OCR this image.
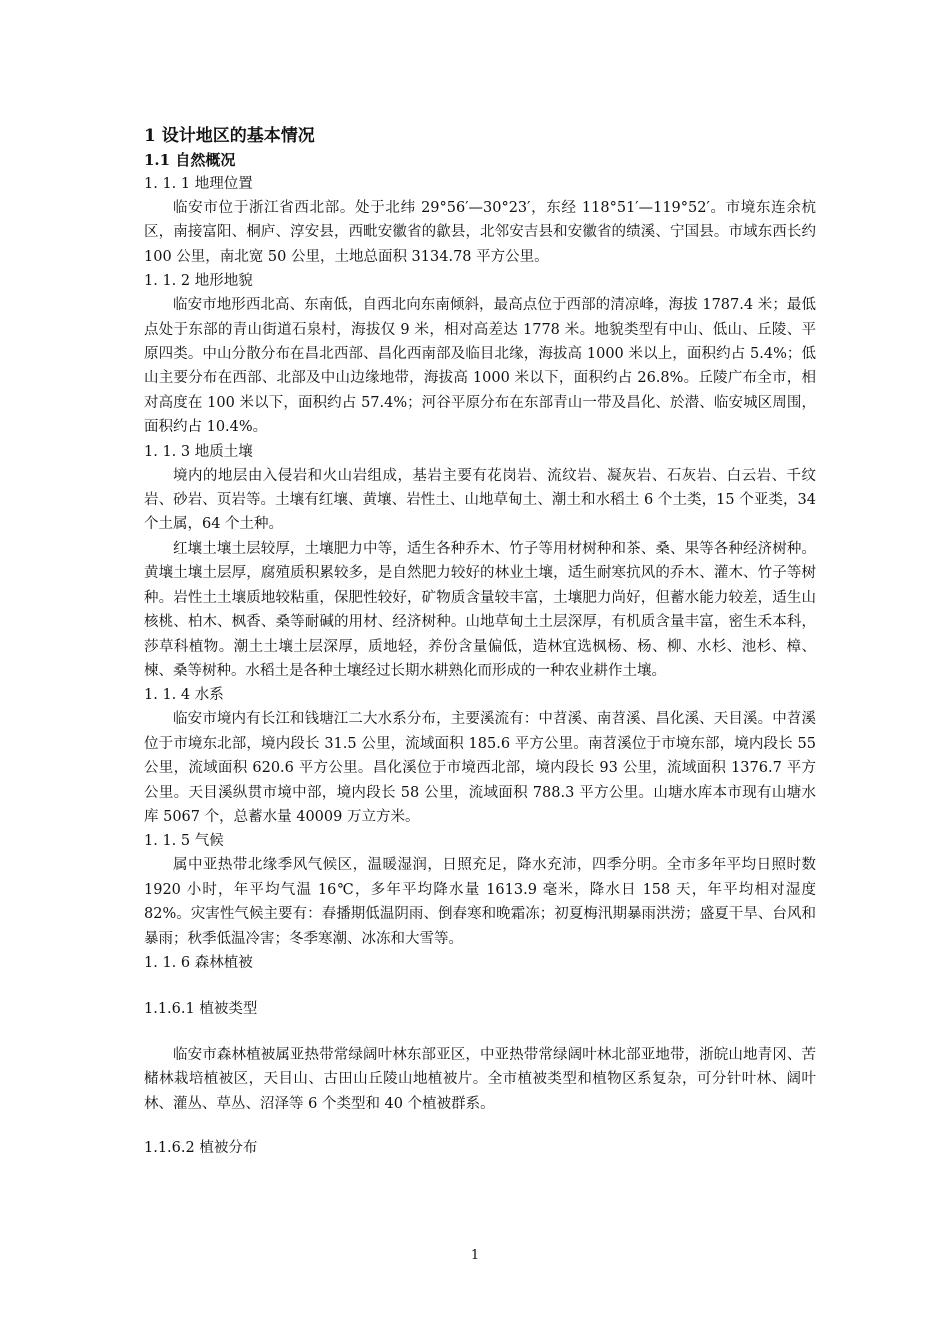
1 设计地区的基本情况

1.1 自然概况

1. 1. 1 地理位置

临安市位于浙江省西北部。处于北纬 29°56′—30°23′，东经 118°51′—119°52′。市境东连余杭区，南接富阳、桐庐、淳安县，西毗安徽省的歙县，北邻安吉县和安徽省的绩溪、宁国县。市域东西长约 100 公里，南北宽 50 公里，土地总面积 3134.78 平方公里。

1. 1. 2 地形地貌

临安市地形西北高、东南低，自西北向东南倾斜，最高点位于西部的清凉峰，海拔 1787.4 米；最低点处于东部的青山街道石泉村，海拔仅 9 米，相对高差达 1778 米。地貌类型有中山、低山、丘陵、平原四类。中山分散分布在昌北西部、昌化西南部及临目北缘，海拔高 1000 米以上，面积约占 5.4%；低山主要分布在西部、北部及中山边缘地带，海拔高 1000 米以下，面积约占 26.8%。丘陵广布全市，相对高度在 100 米以下，面积约占 57.4%；河谷平原分布在东部青山一带及昌化、於潜、临安城区周围，面积约占 10.4%。

1. 1. 3 地质土壤

境内的地层由入侵岩和火山岩组成，基岩主要有花岗岩、流纹岩、凝灰岩、石灰岩、白云岩、千纹岩、砂岩、页岩等。土壤有红壤、黄壤、岩性土、山地草甸土、潮土和水稻土 6 个土类，15 个亚类，34 个土属，64 个土种。

红壤土壤土层较厚，土壤肥力中等，适生各种乔木、竹子等用材树种和茶、桑、果等各种经济树种。黄壤土壤土层厚，腐殖质积累较多，是自然肥力较好的林业土壤，适生耐寒抗风的乔木、灌木、竹子等树种。岩性土土壤质地较粘重，保肥性较好，矿物质含量较丰富，土壤肥力尚好，但蓄水能力较差，适生山核桃、柏木、枫香、桑等耐碱的用材、经济树种。山地草甸土土层深厚，有机质含量丰富，密生禾本科，莎草科植物。潮土土壤土层深厚，质地轻，养份含量偏低，造林宜选枫杨、杨、柳、水杉、池杉、樟、楝、桑等树种。水稻土是各种土壤经过长期水耕熟化而形成的一种农业耕作土壤。

1. 1. 4 水系

临安市境内有长江和钱塘江二大水系分布，主要溪流有：中苕溪、南苕溪、昌化溪、天目溪。中苕溪位于市境东北部，境内段长 31.5 公里，流域面积 185.6 平方公里。南苕溪位于市境东部，境内段长 55 公里，流域面积 620.6 平方公里。昌化溪位于市境西北部，境内段长 93 公里，流域面积 1376.7 平方公里。天目溪纵贯市境中部，境内段长 58 公里，流域面积 788.3 平方公里。山塘水库本市现有山塘水库 5067 个，总蓄水量 40009 万立方米。

1. 1. 5 气候

属中亚热带北缘季风气候区，温暖湿润，日照充足，降水充沛，四季分明。全市多年平均日照时数 1920 小时，年平均气温 16℃，多年平均降水量 1613.9 毫米，降水日 158 天，年平均相对湿度 82%。灾害性气候主要有：春播期低温阴雨、倒春寒和晚霜冻；初夏梅汛期暴雨洪涝；盛夏干旱、台风和暴雨；秋季低温冷害；冬季寒潮、冰冻和大雪等。

1. 1. 6 森林植被

1.1.6.1 植被类型

临安市森林植被属亚热带常绿阔叶林东部亚区，中亚热带常绿阔叶林北部亚地带，浙皖山地青冈、苦槠林栽培植被区，天目山、古田山丘陵山地植被片。全市植被类型和植物区系复杂，可分针叶林、阔叶林、灌丛、草丛、沼泽等 6 个类型和 40 个植被群系。

1.1.6.2 植被分布

1
